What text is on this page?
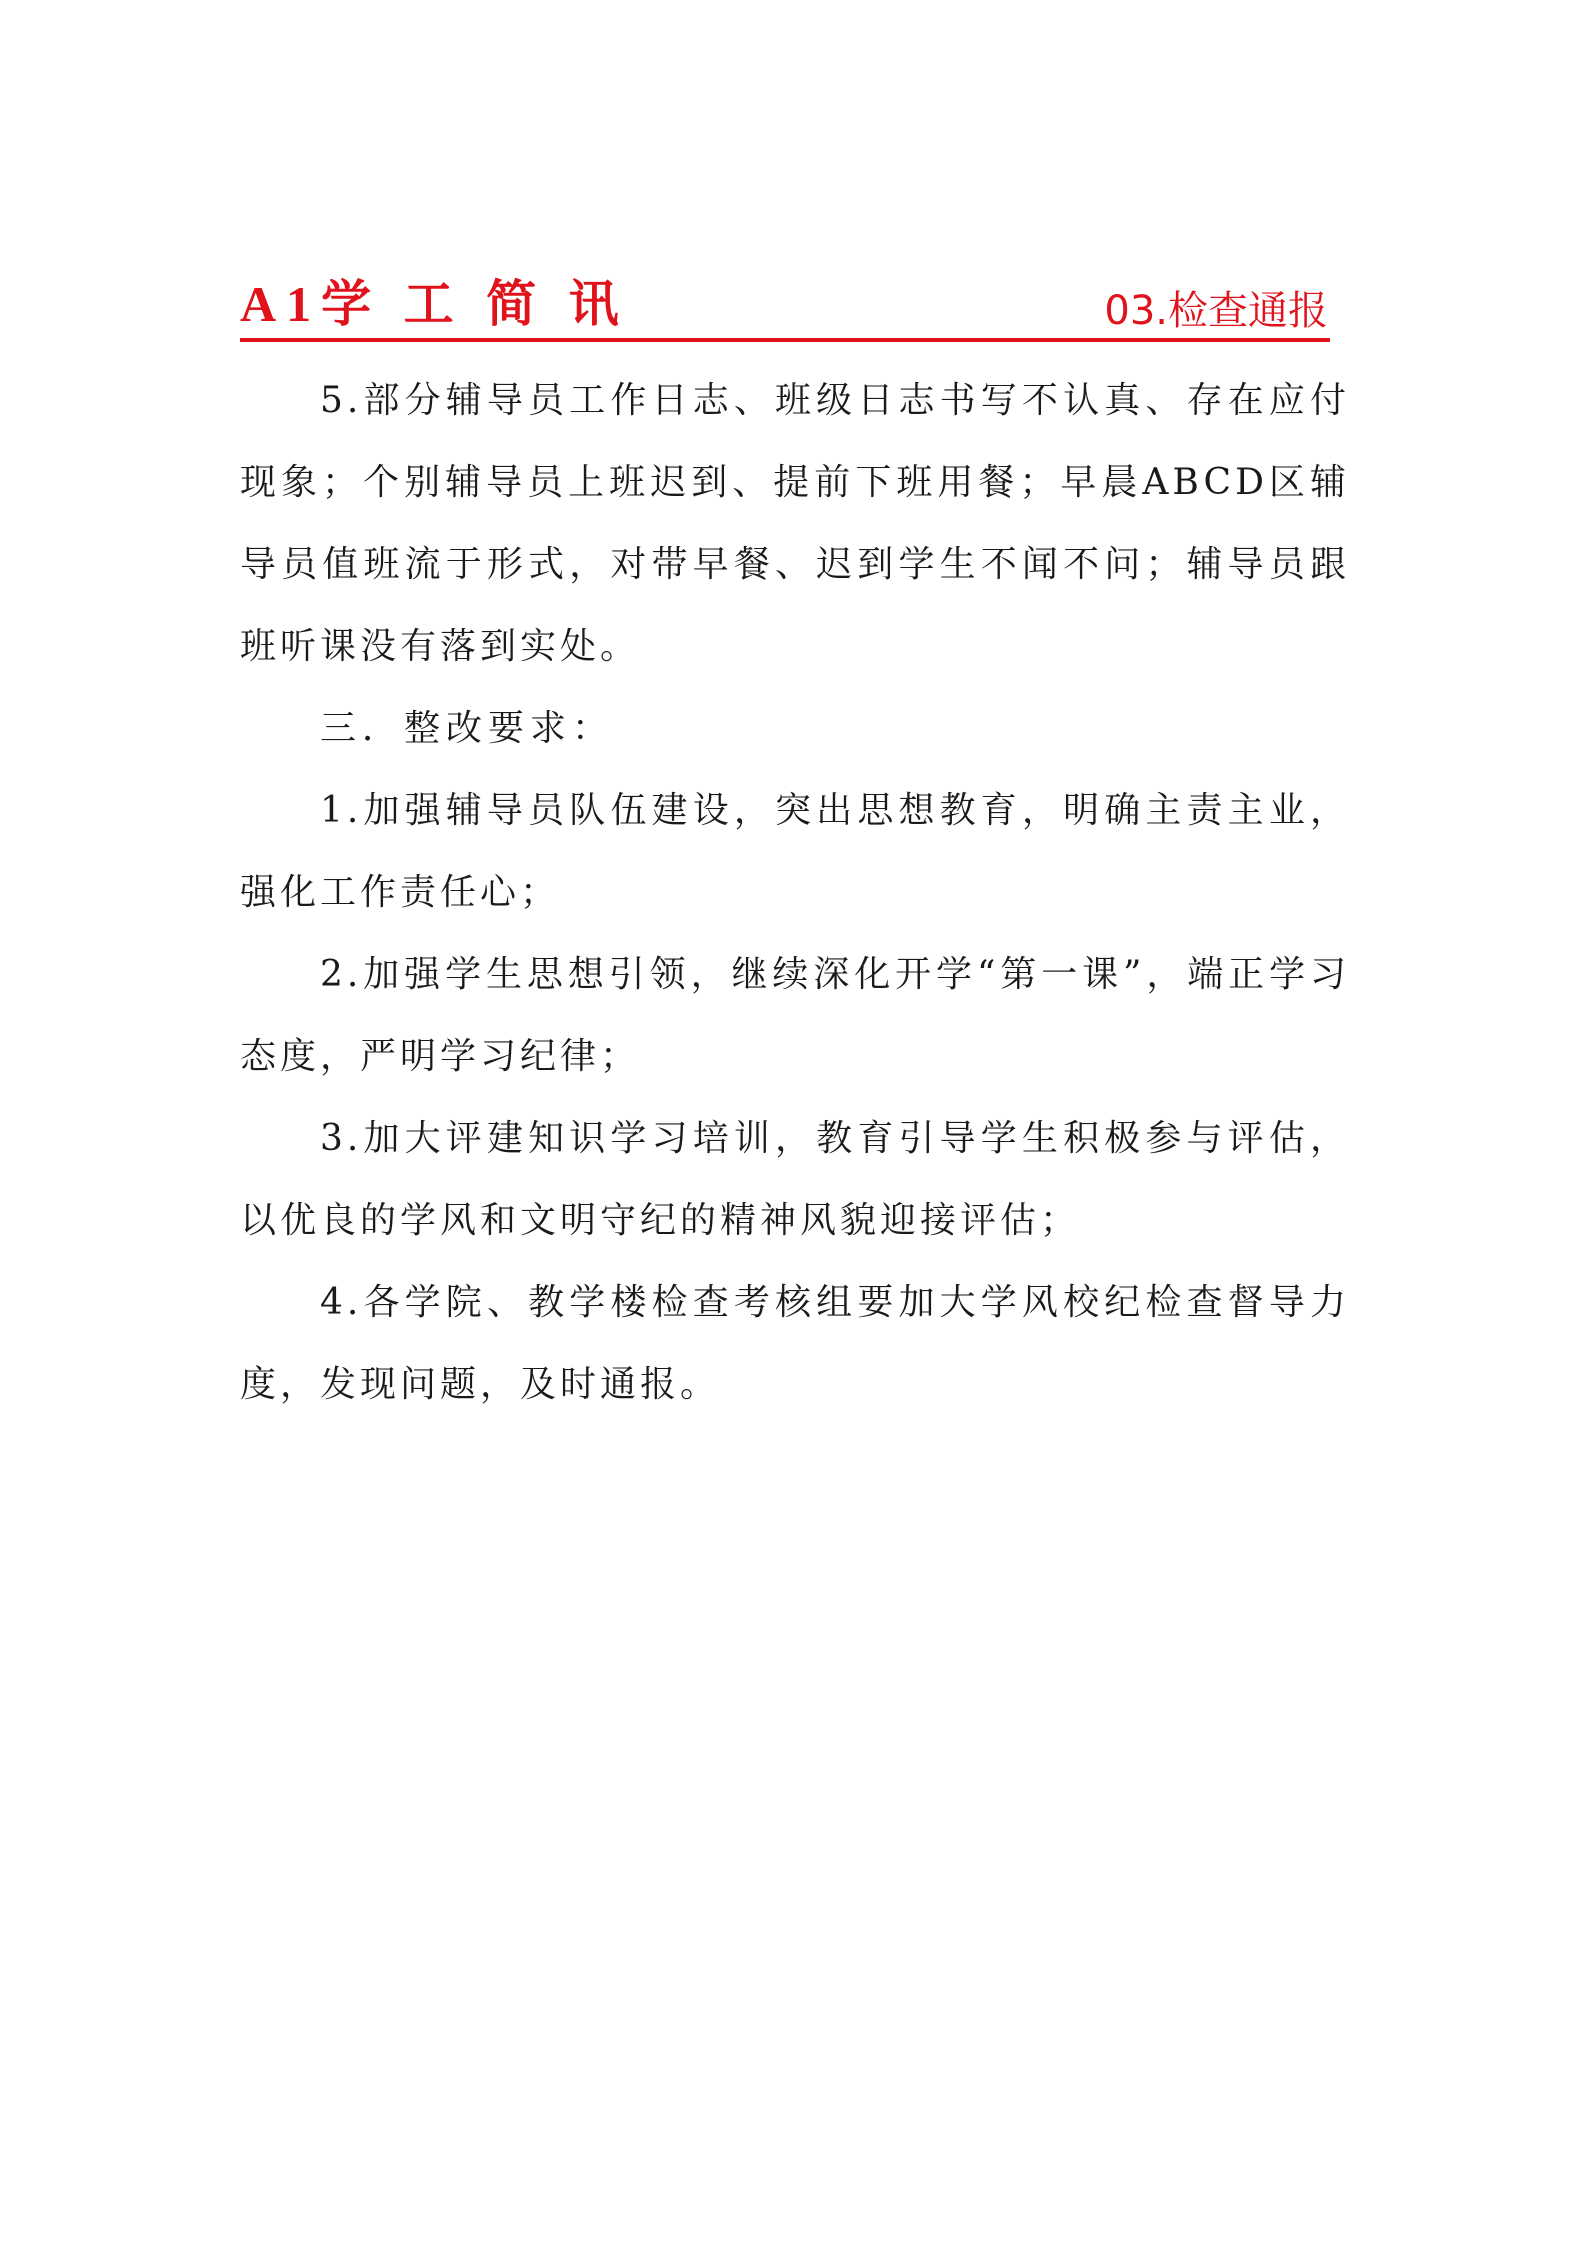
A1学 工 简 讯	03.检查通报

5.部分辅导员工作日志、班级日志书写不认真、存在应付现象；个别辅导员上班迟到、提前下班用餐；早晨ABCD区辅导员值班流于形式，对带早餐、迟到学生不闻不问；辅导员跟班听课没有落到实处。

三．整改要求：

1.加强辅导员队伍建设，突出思想教育，明确主责主业，强化工作责任心；

2.加强学生思想引领，继续深化开学“第一课”，端正学习态度，严明学习纪律；

3.加大评建知识学习培训，教育引导学生积极参与评估，以优良的学风和文明守纪的精神风貌迎接评估；

4.各学院、教学楼检查考核组要加大学风校纪检查督导力度，发现问题，及时通报。
